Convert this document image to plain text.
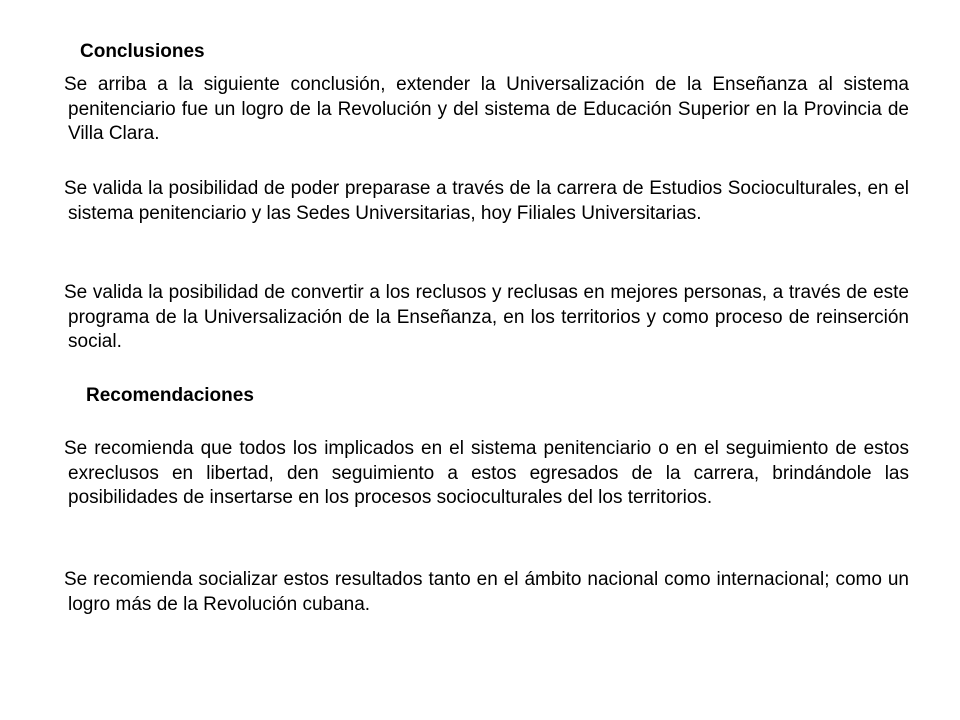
Conclusiones
Se arriba a la siguiente conclusión, extender la Universalización de la Enseñanza al sistema penitenciario fue un logro de la Revolución y del sistema de Educación Superior en la Provincia de Villa Clara.
Se valida la posibilidad de poder preparase a través de la carrera de Estudios Socioculturales, en el sistema penitenciario y las Sedes Universitarias, hoy Filiales Universitarias.
Se valida la posibilidad de convertir a los reclusos y reclusas en mejores personas, a través de este programa de la Universalización de la Enseñanza, en los territorios y como proceso de reinserción social.
Recomendaciones
Se recomienda que todos los implicados en el sistema penitenciario o en el seguimiento de estos exreclusos en libertad, den seguimiento a estos egresados de la carrera, brindándole las posibilidades de insertarse en los procesos socioculturales del los territorios.
Se recomienda socializar estos resultados tanto en el ámbito nacional como internacional; como un logro más de la Revolución cubana.
